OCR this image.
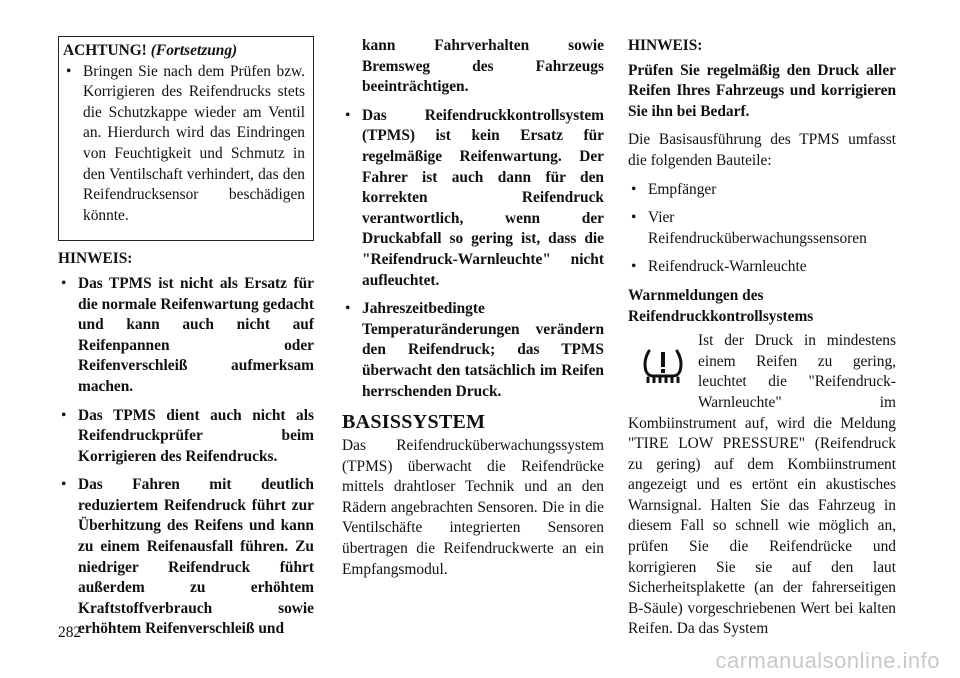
ACHTUNG! (Fortsetzung)
• Bringen Sie nach dem Prüfen bzw. Korrigieren des Reifendrucks stets die Schutzkappe wieder am Ventil an. Hierdurch wird das Eindringen von Feuchtigkeit und Schmutz in den Ventilschaft verhindert, das den Reifendrucksensor beschädigen könnte.
HINWEIS:
• Das TPMS ist nicht als Ersatz für die normale Reifenwartung gedacht und kann auch nicht auf Reifenpannen oder Reifenverschleiß aufmerksam machen.
• Das TPMS dient auch nicht als Reifendruckprüfer beim Korrigieren des Reifendrucks.
• Das Fahren mit deutlich reduziertem Reifendruck führt zur Überhitzung des Reifens und kann zu einem Reifenausfall führen. Zu niedriger Reifendruck führt außerdem zu erhöhtem Kraftstoffverbrauch sowie erhöhtem Reifenverschleiß und

kann Fahrverhalten sowie Bremsweg des Fahrzeugs beeinträchtigen.

• Das Reifendruckkontrollsystem (TPMS) ist kein Ersatz für regelmäßige Reifenwartung. Der Fahrer ist auch dann für den korrekten Reifendruck verantwortlich, wenn der Druckabfall so gering ist, dass die "Reifendruck-Warnleuchte" nicht aufleuchtet.
• Jahreszeitbedingte Temperaturänderungen verändern den Reifendruck; das TPMS überwacht den tatsächlich im Reifen herrschenden Druck.
BASISSYSTEM

Das Reifendrucküberwachungssystem (TPMS) überwacht die Reifendrücke mittels drahtloser Technik und an den Rädern angebrachten Sensoren. Die in die Ventilschäfte integrierten Sensoren übertragen die Reifendruckwerte an ein Empfangsmodul.

HINWEIS:

Prüfen Sie regelmäßig den Druck aller Reifen Ihres Fahrzeugs und korrigieren Sie ihn bei Bedarf.

Die Basisausführung des TPMS umfasst die folgenden Bauteile:

• Empfänger
• Vier Reifendrucküberwachungssensoren
• Reifendruck-Warnleuchte
Warnmeldungen des Reifendruckkontrollsystems
Ist der Druck in mindestens einem Reifen zu gering, leuchtet die "Reifendruck-Warnleuchte" im Kombiinstrument auf, wird die Meldung "TIRE LOW PRESSURE" (Reifendruck zu gering) auf dem Kombiinstrument angezeigt und es ertönt ein akustisches Warnsignal. Halten Sie das Fahrzeug in diesem Fall so schnell wie möglich an, prüfen Sie die Reifendrücke und korrigieren Sie sie auf den laut Sicherheitsplakette (an der fahrerseitigen B-Säule) vorgeschriebenen Wert bei kalten Reifen. Da das System
282
carmanualsonline.info
